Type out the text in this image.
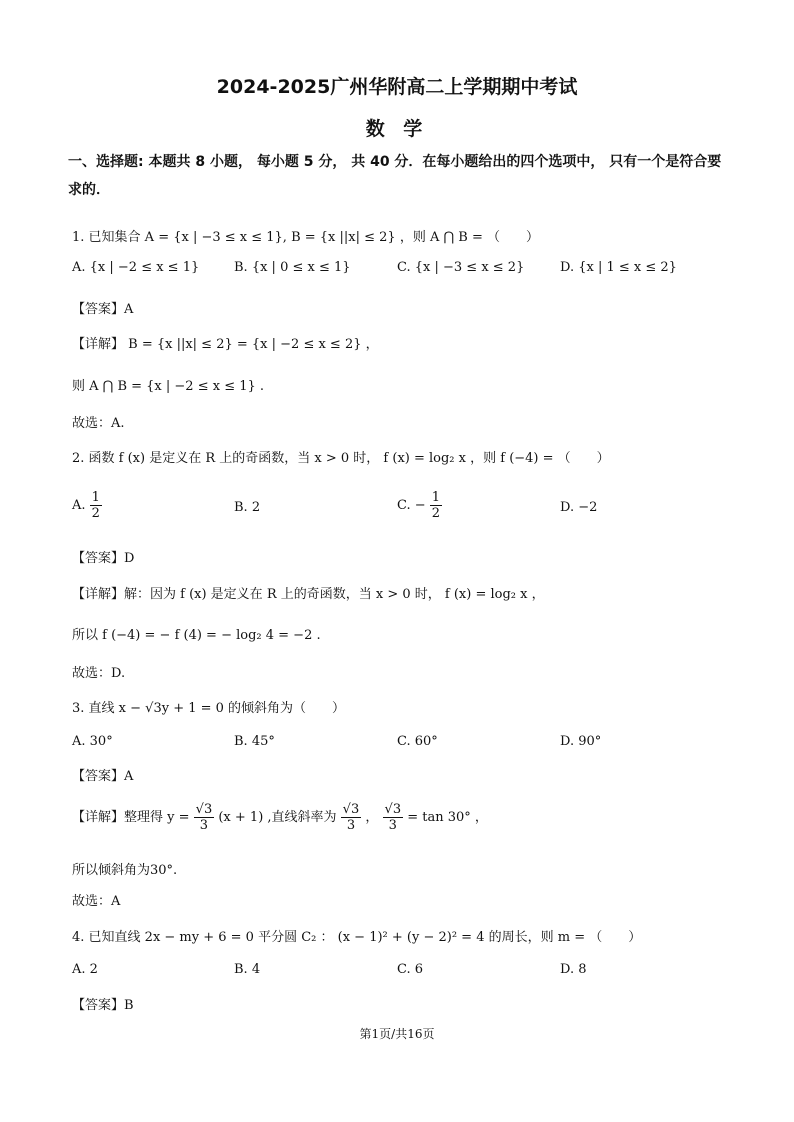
2024-2025广州华附高二上学期期中考试
数 学
一、选择题: 本题共 8 小题， 每小题 5 分， 共 40 分．在每小题给出的四个选项中， 只有一个是符合要求的．
1. 已知集合 A = {x | −3 ≤ x ≤ 1}, B = {x ||x| ≤ 2} ，则 A ⋂ B = （　　）
A. {x | −2 ≤ x ≤ 1}	B. {x | 0 ≤ x ≤ 1}	C. {x | −3 ≤ x ≤ 2}	D. {x | 1 ≤ x ≤ 2}
【答案】A
【详解】 B = {x ||x| ≤ 2} = {x | −2 ≤ x ≤ 2} ，
则 A ⋂ B = {x | −2 ≤ x ≤ 1} .
故选：A.
2. 函数 f (x) 是定义在 R 上的奇函数，当 x > 0 时， f (x) = log₂ x ，则 f (−4) = （　　）
A. $\frac{1}{2}$	B. 2	C. − $\frac{1}{2}$	D. −2
【答案】D
【详解】解：因为 f (x) 是定义在 R 上的奇函数，当 x > 0 时， f (x) = log₂ x ，
所以 f (−4) = − f (4) = − log₂ 4 = −2 .
故选：D.
3. 直线 x − √3y + 1 = 0 的倾斜角为（　　）
A. 30°	B. 45°	C. 60°	D. 90°
【答案】A
【详解】整理得 $y = \frac{√3}{3} (x + 1)$ ,直线斜率为 $\frac{√3}{3}$ ， $\frac{√3}{3} = \tan 30^\circ$ ，
所以倾斜角为30°.
故选：A
4. 已知直线 2x − my + 6 = 0 平分圆 C₂ ： (x − 1)² + (y − 2)² = 4 的周长，则 m = （　　）
A. 2	B. 4	C. 6	D. 8
【答案】B
第1页/共16页
